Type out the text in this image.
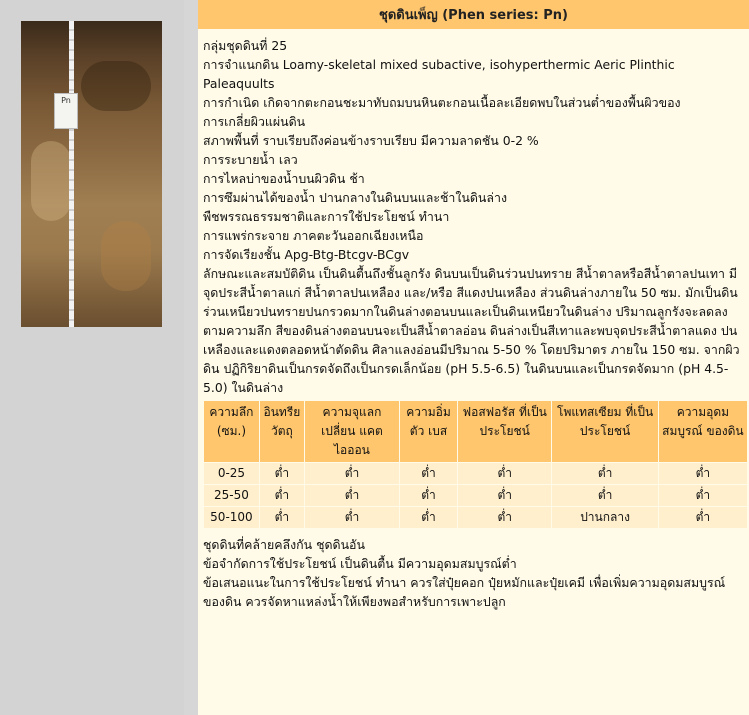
Pn
ชุดดินเพ็ญ (Phen series: Pn)
กลุ่มชุดดินที่ 25
การจำแนกดิน Loamy-skeletal mixed subactive, isohyperthermic Aeric Plinthic
Paleaquults
การกำเนิด เกิดจากตะกอนชะมาทับถมบนหินตะกอนเนื้อละเอียดพบในส่วนต่ำของพื้นผิวของ
การเกลี่ยผิวแผ่นดิน
สภาพพื้นที่ ราบเรียบถึงค่อนข้างราบเรียบ มีความลาดชัน 0-2 %
การระบายน้ำ เลว
การไหลบ่าของน้ำบนผิวดิน ช้า
การซึมผ่านได้ของน้ำ ปานกลางในดินบนและช้าในดินล่าง
พืชพรรณธรรมชาติและการใช้ประโยชน์ ทำนา
การแพร่กระจาย ภาคตะวันออกเฉียงเหนือ
การจัดเรียงชั้น Apg-Btg-Btcgv-BCgv
ลักษณะและสมบัติดิน เป็นดินตื้นถึงชั้นลูกรัง ดินบนเป็นดินร่วนปนทราย สีน้ำตาลหรือสีน้ำตาลปนเทา มีจุดประสีน้ำตาลแก่ สีน้ำตาลปนเหลือง และ/หรือ สีแดงปนเหลือง ส่วนดินล่างภายใน 50 ซม. มักเป็นดินร่วนเหนียวปนทรายปนกรวดมากในดินล่างตอนบนและเป็นดินเหนียวในดินล่าง ปริมาณลูกรังจะลดลงตามความลึก สีของดินล่างตอนบนจะเป็นสีน้ำตาลอ่อน ดินล่างเป็นสีเทาและพบจุดประสีน้ำตาลแดง ปนเหลืองและแดงตลอดหน้าตัดดิน ศิลาแลงอ่อนมีปริมาณ 5-50 % โดยปริมาตร ภายใน 150 ซม. จากผิวดิน ปฏิกิริยาดินเป็นกรดจัดถึงเป็นกรดเล็กน้อย (pH 5.5-6.5) ในดินบนและเป็นกรดจัดมาก (pH 4.5-5.0) ในดินล่าง
ความลึก (ซม.)	อินทรีย วัตถุ	ความจุแลกเปลี่ยน แคตไอออน	ความอิ่มตัว เบส	ฟอสฟอรัส ที่เป็นประโยชน์	โพแทสเซียม ที่เป็นประโยชน์	ความอุดม สมบูรณ์ ของดิน
0-25	ต่ำ	ต่ำ	ต่ำ	ต่ำ	ต่ำ	ต่ำ
25-50	ต่ำ	ต่ำ	ต่ำ	ต่ำ	ต่ำ	ต่ำ
50-100	ต่ำ	ต่ำ	ต่ำ	ต่ำ	ปานกลาง	ต่ำ
ชุดดินที่คล้ายคลึงกัน ชุดดินอัน
ข้อจำกัดการใช้ประโยชน์ เป็นดินตื้น มีความอุดมสมบูรณ์ต่ำ
ข้อเสนอแนะในการใช้ประโยชน์ ทำนา ควรใส่ปุ๋ยคอก ปุ๋ยหมักและปุ๋ยเคมี เพื่อเพิ่มความอุดมสมบูรณ์ของดิน ควรจัดหาแหล่งน้ำให้เพียงพอสำหรับการเพาะปลูก
